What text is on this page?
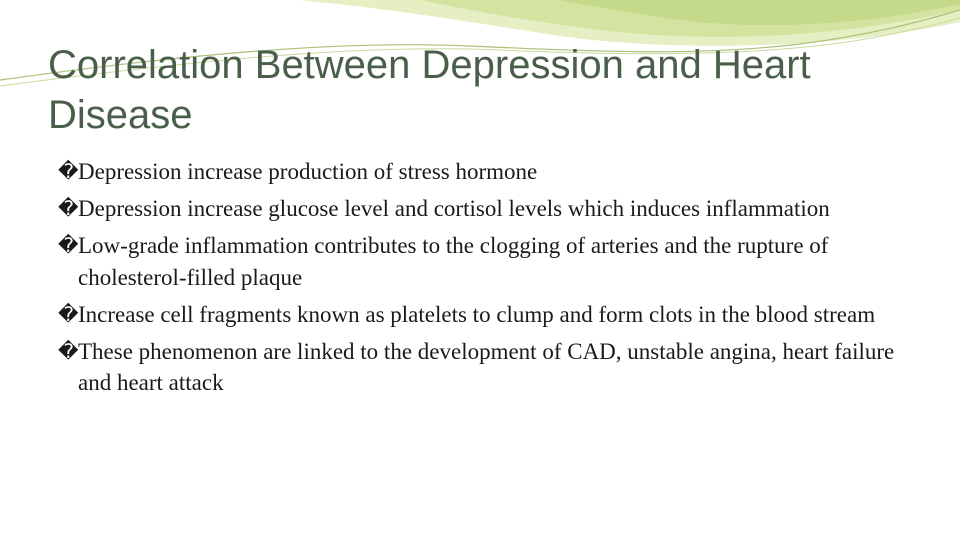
Correlation Between Depression and Heart Disease
� Depression increase production of stress hormone
� Depression increase glucose level and cortisol levels which induces inflammation
� Low-grade inflammation contributes to the clogging of arteries and the rupture of cholesterol-filled plaque
� Increase cell fragments known as platelets to clump and form clots in the blood stream
� These phenomenon are linked to the development of CAD, unstable angina, heart failure and heart attack
